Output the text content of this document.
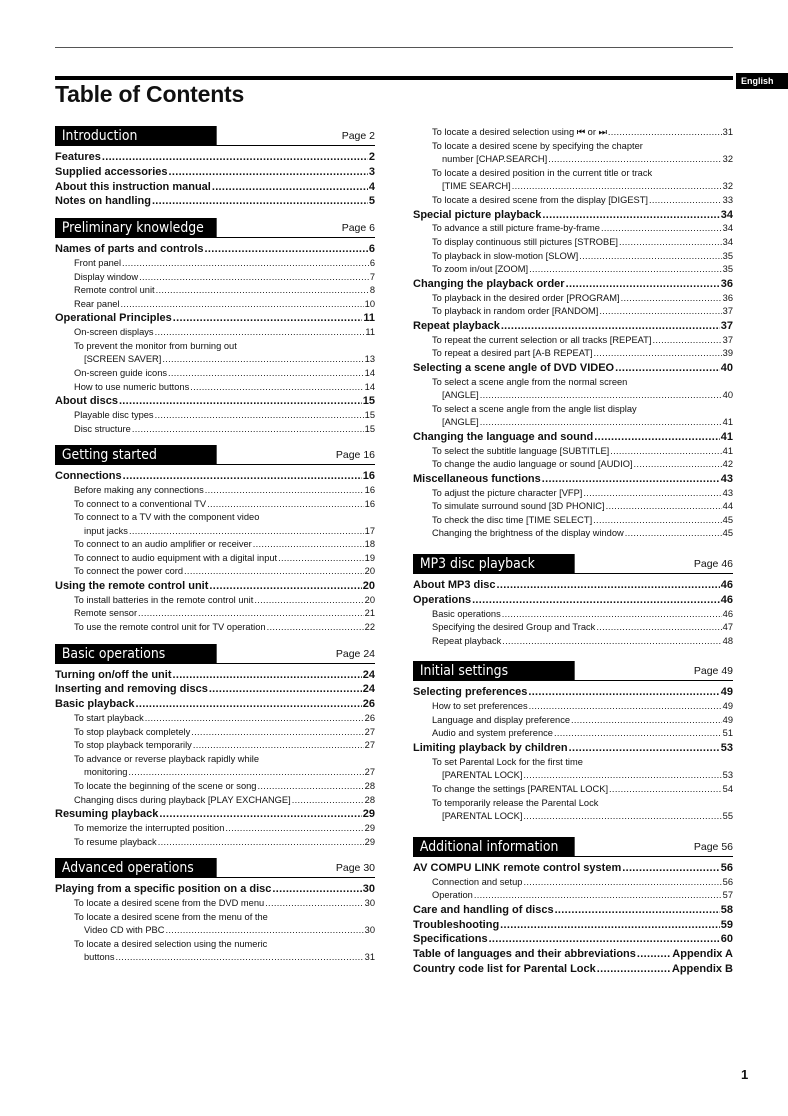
English
Table of Contents
Introduction	Page 2
Features .....	2
Supplied accessories .....	3
About this instruction manual .....	4
Notes on handling .....	5
Preliminary knowledge	Page 6
Names of parts and controls .....	6
Front panel .....	6
Display window .....	7
Remote control unit .....	8
Rear panel .....	10
Operational Principles .....	11
On-screen displays .....	11
To prevent the monitor from burning out
[SCREEN SAVER] .....	13
On-screen guide icons .....	14
How to use numeric buttons .....	14
About discs .....	15
Playable disc types .....	15
Disc structure .....	15
Getting started	Page 16
Connections .....	16
Before making any connections .....	16
To connect to a conventional TV .....	16
To connect to a TV with the component video
input jacks .....	17
To connect to an audio amplifier or receiver .....	18
To connect to audio equipment with a digital input .....	19
To connect the power cord .....	20
Using the remote control unit .....	20
To install batteries in the remote control unit .....	20
Remote sensor .....	21
To use the remote control unit for TV operation .....	22
Basic operations	Page 24
Turning on/off the unit .....	24
Inserting and removing discs .....	24
Basic playback .....	26
To start playback .....	26
To stop playback completely .....	27
To stop playback temporarily .....	27
To advance or reverse playback rapidly while
monitoring .....	27
To locate the beginning of the scene or song .....	28
Changing discs during playback [PLAY EXCHANGE] .....	28
Resuming playback .....	29
To memorize the interrupted position .....	29
To resume playback .....	29
Advanced operations	Page 30
Playing from a specific position on a disc .....	30
To locate a desired scene from the DVD menu .....	30
To locate a desired scene from the menu of the
Video CD with PBC .....	30
To locate a desired selection using the numeric
buttons .....	31
To locate a desired selection using ⏮ or ⏭ .....	31
To locate a desired scene by specifying the chapter
number [CHAP.SEARCH] .....	32
To locate a desired position in the current title or track
[TIME SEARCH] .....	32
To locate a desired scene from the display [DIGEST] .....	33
Special picture playback .....	34
To advance a still picture frame-by-frame .....	34
To display continuous still pictures [STROBE] .....	34
To playback in slow-motion [SLOW] .....	35
To zoom in/out [ZOOM] .....	35
Changing the playback order .....	36
To playback in the desired order [PROGRAM] .....	36
To playback in random order [RANDOM] .....	37
Repeat playback .....	37
To repeat the current selection or all tracks [REPEAT] .....	37
To repeat a desired part [A-B REPEAT] .....	39
Selecting a scene angle of DVD VIDEO .....	40
To select a scene angle from the normal screen
[ANGLE] .....	40
To select a scene angle from the angle list display
[ANGLE] .....	41
Changing the language and sound .....	41
To select the subtitle language [SUBTITLE] .....	41
To change the audio language or sound [AUDIO] .....	42
Miscellaneous functions .....	43
To adjust the picture character [VFP] .....	43
To simulate surround sound [3D PHONIC] .....	44
To check the disc time [TIME SELECT] .....	45
Changing the brightness of the display window .....	45
MP3 disc playback	Page 46
About MP3 disc .....	46
Operations .....	46
Basic operations .....	46
Specifying the desired Group and Track .....	47
Repeat playback .....	48
Initial settings	Page 49
Selecting preferences .....	49
How to set preferences .....	49
Language and display preference .....	49
Audio and system preference .....	51
Limiting playback by children .....	53
To set Parental Lock for the first time
[PARENTAL LOCK] .....	53
To change the settings [PARENTAL LOCK] .....	54
To temporarily release the Parental Lock
[PARENTAL LOCK] .....	55
Additional information	Page 56
AV COMPU LINK remote control system .....	56
Connection and setup .....	56
Operation .....	57
Care and handling of discs .....	58
Troubleshooting .....	59
Specifications .....	60
Table of languages and their abbreviations .....	Appendix A
Country code list for Parental Lock .....	Appendix B
1
